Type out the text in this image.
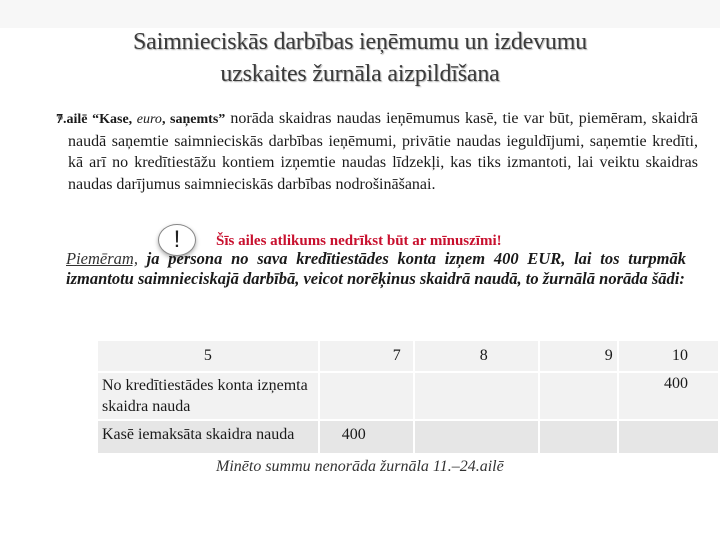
Saimnieciskās darbības ieņēmumu un izdevumu
uzskaites žurnāla aizpildīšana
7.ailē “Kase, euro, saņemts” norāda skaidras naudas ieņēmumus kasē, tie var būt, piemēram, skaidrā naudā saņemtie saimnieciskās darbības ieņēmumi, privātie naudas ieguldījumi, saņemtie kredīti, kā arī no kredītiestāžu kontiem izņemtie naudas līdzekļi, kas tiks izmantoti, lai veiktu skaidras naudas darījumus saimnieciskās darbības nodrošināšanai.
!	Šīs ailes atlikums nedrīkst būt ar mīnuszīmi!
Piemēram, ja persona no sava kredītiestādes konta izņem 400 EUR, lai tos turpmāk izmantotu saimnieciskajā darbībā, veicot norēķinus skaidrā naudā, to žurnālā norāda šādi:
5	7	8	9	10
No kredītiestādes konta izņemta skaidra nauda				400
Kasē iemaksāta skaidra nauda	400			
Minēto summu nenorāda žurnāla 11.–24.ailē
